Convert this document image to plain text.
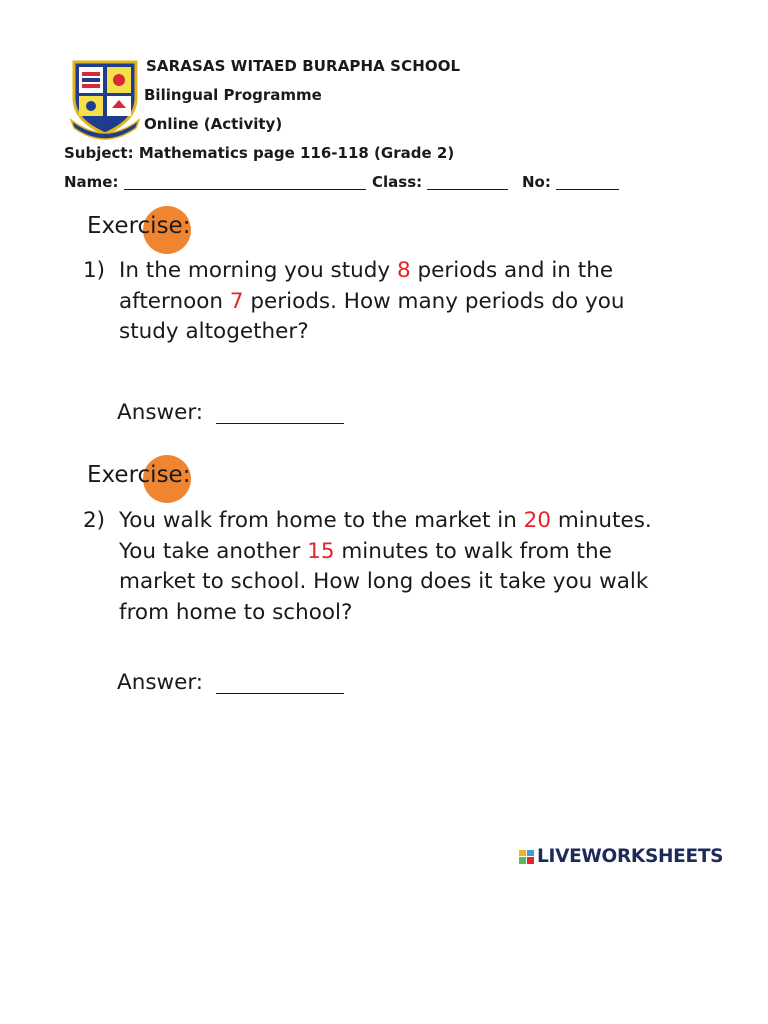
SARASAS WITAED BURAPHA SCHOOL
Bilingual Programme
Online (Activity)
Subject: Mathematics page 116-118 (Grade 2)
Name:	Class:	No:
Exercise:
1) In the morning you study 8 periods and in the
afternoon 7 periods. How many periods do you
study altogether?
Answer:
Exercise:
2) You walk from home to the market in 20 minutes.
You take another 15 minutes to walk from the
market to school. How long does it take you walk
from home to school?
Answer:
LIVEWORKSHEETS
